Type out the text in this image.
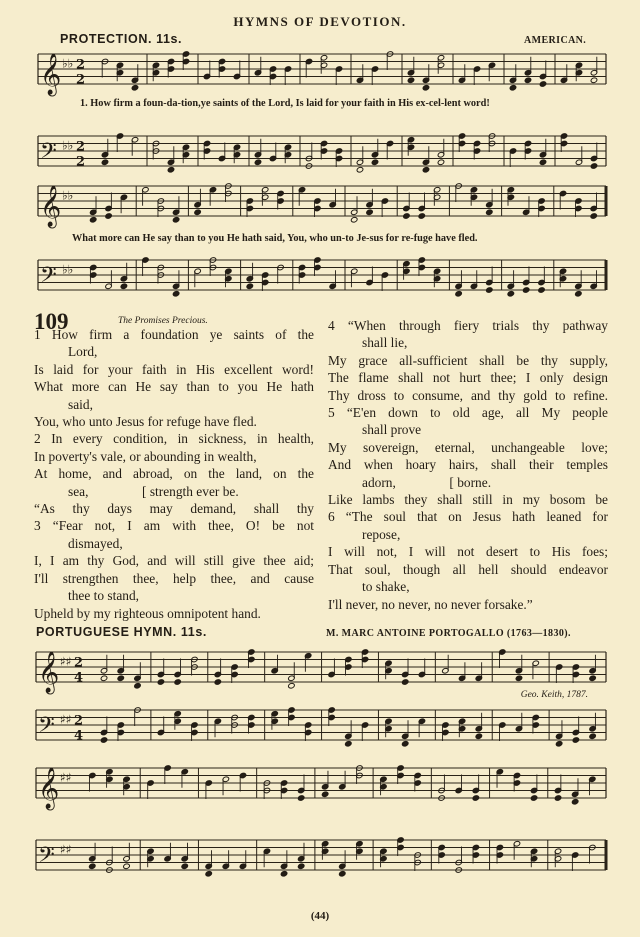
HYMNS OF DEVOTION.
PROTECTION. 11s.	AMERICAN.
𝄞 ♭♭ 2
2
1. How firm a foun-da-tion,ye saints of the Lord, Is laid for your faith in His ex-cel-lent word!
𝄢 ♭♭ 2
2
𝄞 ♭♭
What more can He say than to you He hath said, You, who un-to Je-sus for re-fuge have fled.
𝄢 ♭♭
109	The Promises Precious.
1 How firm a foundation ye saints of the
Lord,
Is laid for your faith in His excellent word!
What more can He say than to you He hath
said,
You, who unto Jesus for refuge have fled.
2 In every condition, in sickness, in health,
In poverty's vale, or abounding in wealth,
At home, and abroad, on the land, on the
sea,                [ strength ever be.
“As thy days may demand, shall thy
3 “Fear not, I am with thee, O! be not
dismayed,
I, I am thy God, and will still give thee aid;
I'll strengthen thee, help thee, and cause
thee to stand,
Upheld by my righteous omnipotent hand.
4 “When through fiery trials thy pathway
shall lie,
My grace all-sufficient shall be thy supply,
The flame shall not hurt thee; I only design
Thy dross to consume, and thy gold to refine.
5 “E'en down to old age, all My people
shall prove
My sovereign, eternal, unchangeable love;
And when hoary hairs, shall their temples
adorn,                [ borne.
Like lambs they shall still in my bosom be
6 “The soul that on Jesus hath leaned for
repose,
I will not, I will not desert to His foes;
That soul, though all hell should endeavor
to shake,
I'll never, no never, no never forsake.”
Geo. Keith, 1787.
PORTUGUESE HYMN. 11s.	M. MARC ANTOINE PORTOGALLO (1763—1830).
𝄞 ♯♯ 2
4
𝄢 ♯♯ 2
4
𝄞 ♯♯
𝄢 ♯♯
(44)
